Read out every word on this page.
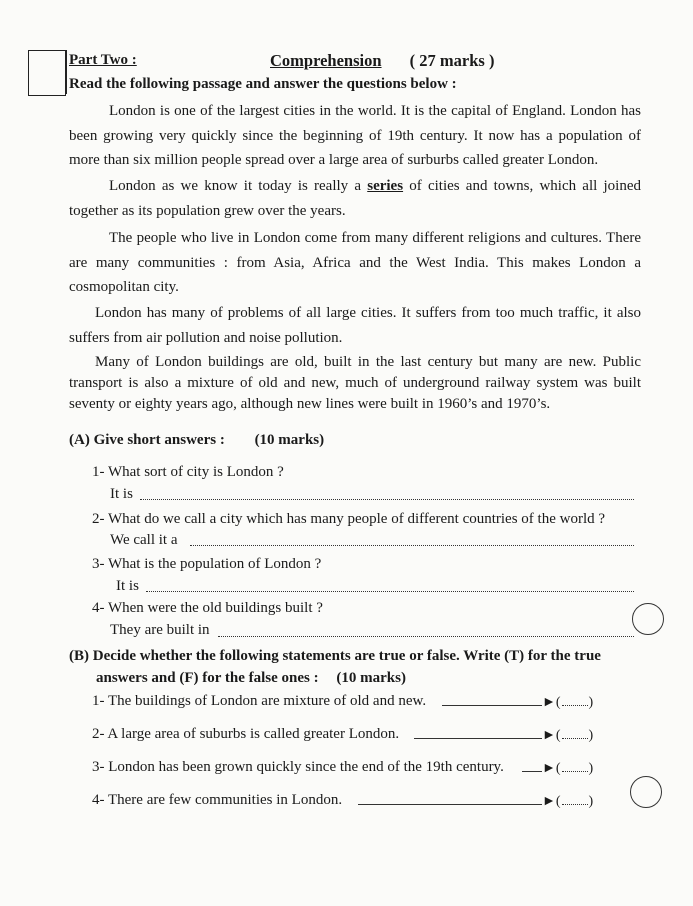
Part Two :	Comprehension ( 27 marks )
Read the following passage and answer the questions below :
London is one of the largest cities in the world. It is the capital of England. London has been growing very quickly since the beginning of 19th century. It now has a population of more than six million people spread over a large area of surburbs called greater London.
London as we know it today is really a series of cities and towns, which all joined together as its population grew over the years.
The people who live in London come from many different religions and cultures. There are many communities : from Asia, Africa and the West India. This makes London a cosmopolitan city.
London has many of problems of all large cities. It suffers from too much traffic, it also suffers from air pollution and noise pollution.
Many of London buildings are old, built in the last century but many are new. Public transport is also a mixture of old and new, much of underground railway system was built seventy or eighty years ago, although new lines were built in 1960’s and 1970’s.
(A) Give short answers : (10 marks)
1- What sort of city is London ?
It is
2- What do we call a city which has many people of different countries of the world ?
We call it a
3- What is the population of London ?
It is
4- When were the old buildings built ?
They are built in
(B) Decide whether the following statements are true or false. Write (T) for the true
answers and (F) for the false ones : (10 marks)
1- The buildings of London are mixture of old and new.	►( )
2- A large area of suburbs is called greater London.	►( )
3- London has been grown quickly since the end of the 19th century.	►( )
4- There are few communities in London.	►( )
